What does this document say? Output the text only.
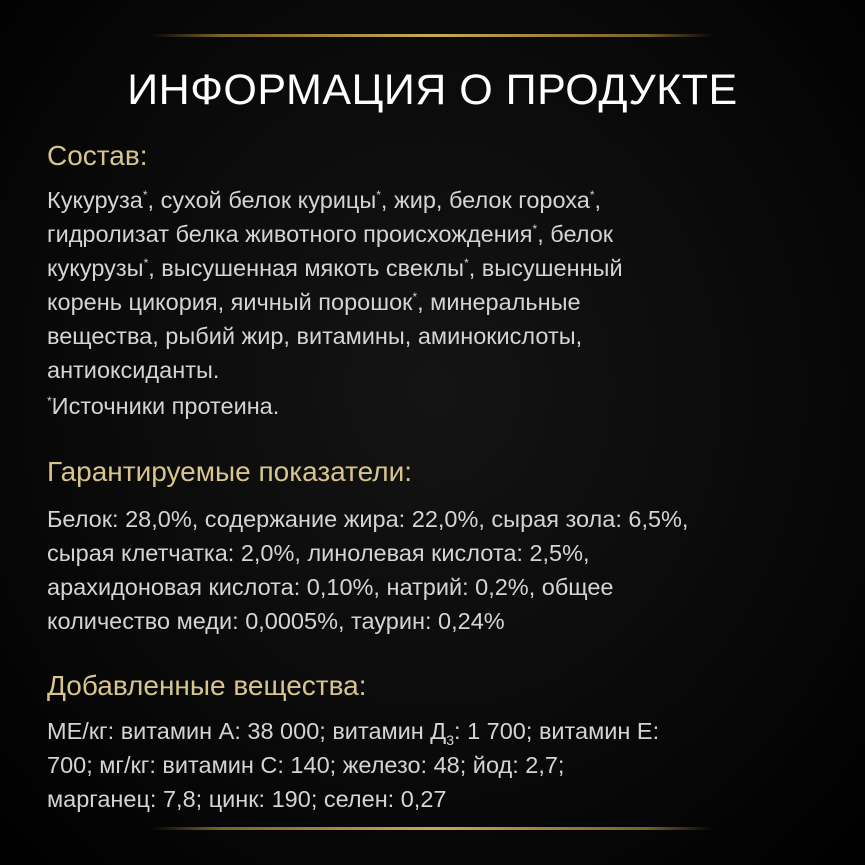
ИНФОРМАЦИЯ О ПРОДУКТЕ
Состав:
Кукуруза*, сухой белок курицы*, жир, белок гороха*,
гидролизат белка животного происхождения*, белок
кукурузы*, высушенная мякоть свеклы*, высушенный
корень цикория, яичный порошок*, минеральные
вещества, рыбий жир, витамины, аминокислоты,
антиоксиданты.
*Источники протеина.
Гарантируемые показатели:
Белок: 28,0%, содержание жира: 22,0%, сырая зола: 6,5%,
сырая клетчатка: 2,0%, линолевая кислота: 2,5%,
арахидоновая кислота: 0,10%, натрий: 0,2%, общее
количество меди: 0,0005%, таурин: 0,24%
Добавленные вещества:
МЕ/кг: витамин А: 38 000; витамин $Д_3$: 1 700; витамин Е:
700; мг/кг: витамин С: 140; железо: 48; йод: 2,7;
марганец: 7,8; цинк: 190; селен: 0,27
